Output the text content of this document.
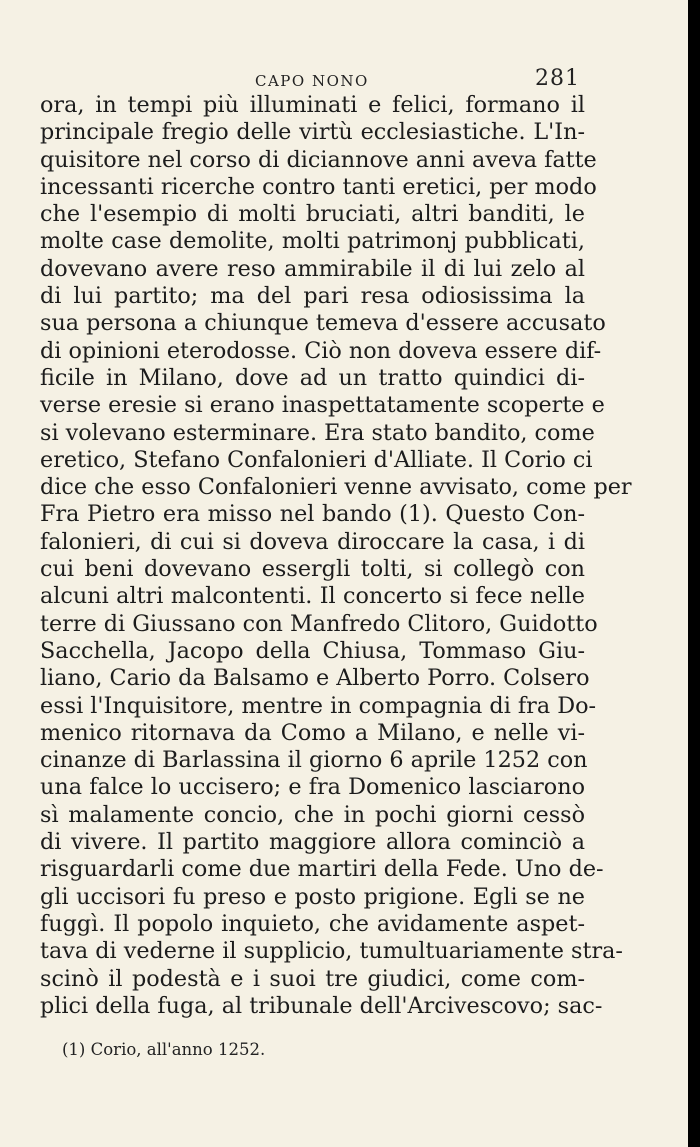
CAPO NONO	281
ora, in tempi più illuminati e felici, formano il
principale fregio delle virtù ecclesiastiche. L'In-
quisitore nel corso di diciannove anni aveva fatte
incessanti ricerche contro tanti eretici, per modo
che l'esempio di molti bruciati, altri banditi, le
molte case demolite, molti patrimonj pubblicati,
dovevano avere reso ammirabile il di lui zelo al
di lui partito; ma del pari resa odiosissima la
sua persona a chiunque temeva d'essere accusato
di opinioni eterodosse. Ciò non doveva essere dif-
ficile in Milano, dove ad un tratto quindici di-
verse eresie si erano inaspettatamente scoperte e
si volevano esterminare. Era stato bandito, come
eretico, Stefano Confalonieri d'Alliate. Il Corio ci
dice che esso Confalonieri venne avvisato, come per
Fra Pietro era misso nel bando (1). Questo Con-
falonieri, di cui si doveva diroccare la casa, i di
cui beni dovevano essergli tolti, si collegò con
alcuni altri malcontenti. Il concerto si fece nelle
terre di Giussano con Manfredo Clitoro, Guidotto
Sacchella, Jacopo della Chiusa, Tommaso Giu-
liano, Cario da Balsamo e Alberto Porro. Colsero
essi l'Inquisitore, mentre in compagnia di fra Do-
menico ritornava da Como a Milano, e nelle vi-
cinanze di Barlassina il giorno 6 aprile 1252 con
una falce lo uccisero; e fra Domenico lasciarono
sì malamente concio, che in pochi giorni cessò
di vivere. Il partito maggiore allora cominciò a
risguardarli come due martiri della Fede. Uno de-
gli uccisori fu preso e posto prigione. Egli se ne
fuggì. Il popolo inquieto, che avidamente aspet-
tava di vederne il supplicio, tumultuariamente stra-
scinò il podestà e i suoi tre giudici, come com-
plici della fuga, al tribunale dell'Arcivescovo; sac-
(1) Corio, all'anno 1252.
